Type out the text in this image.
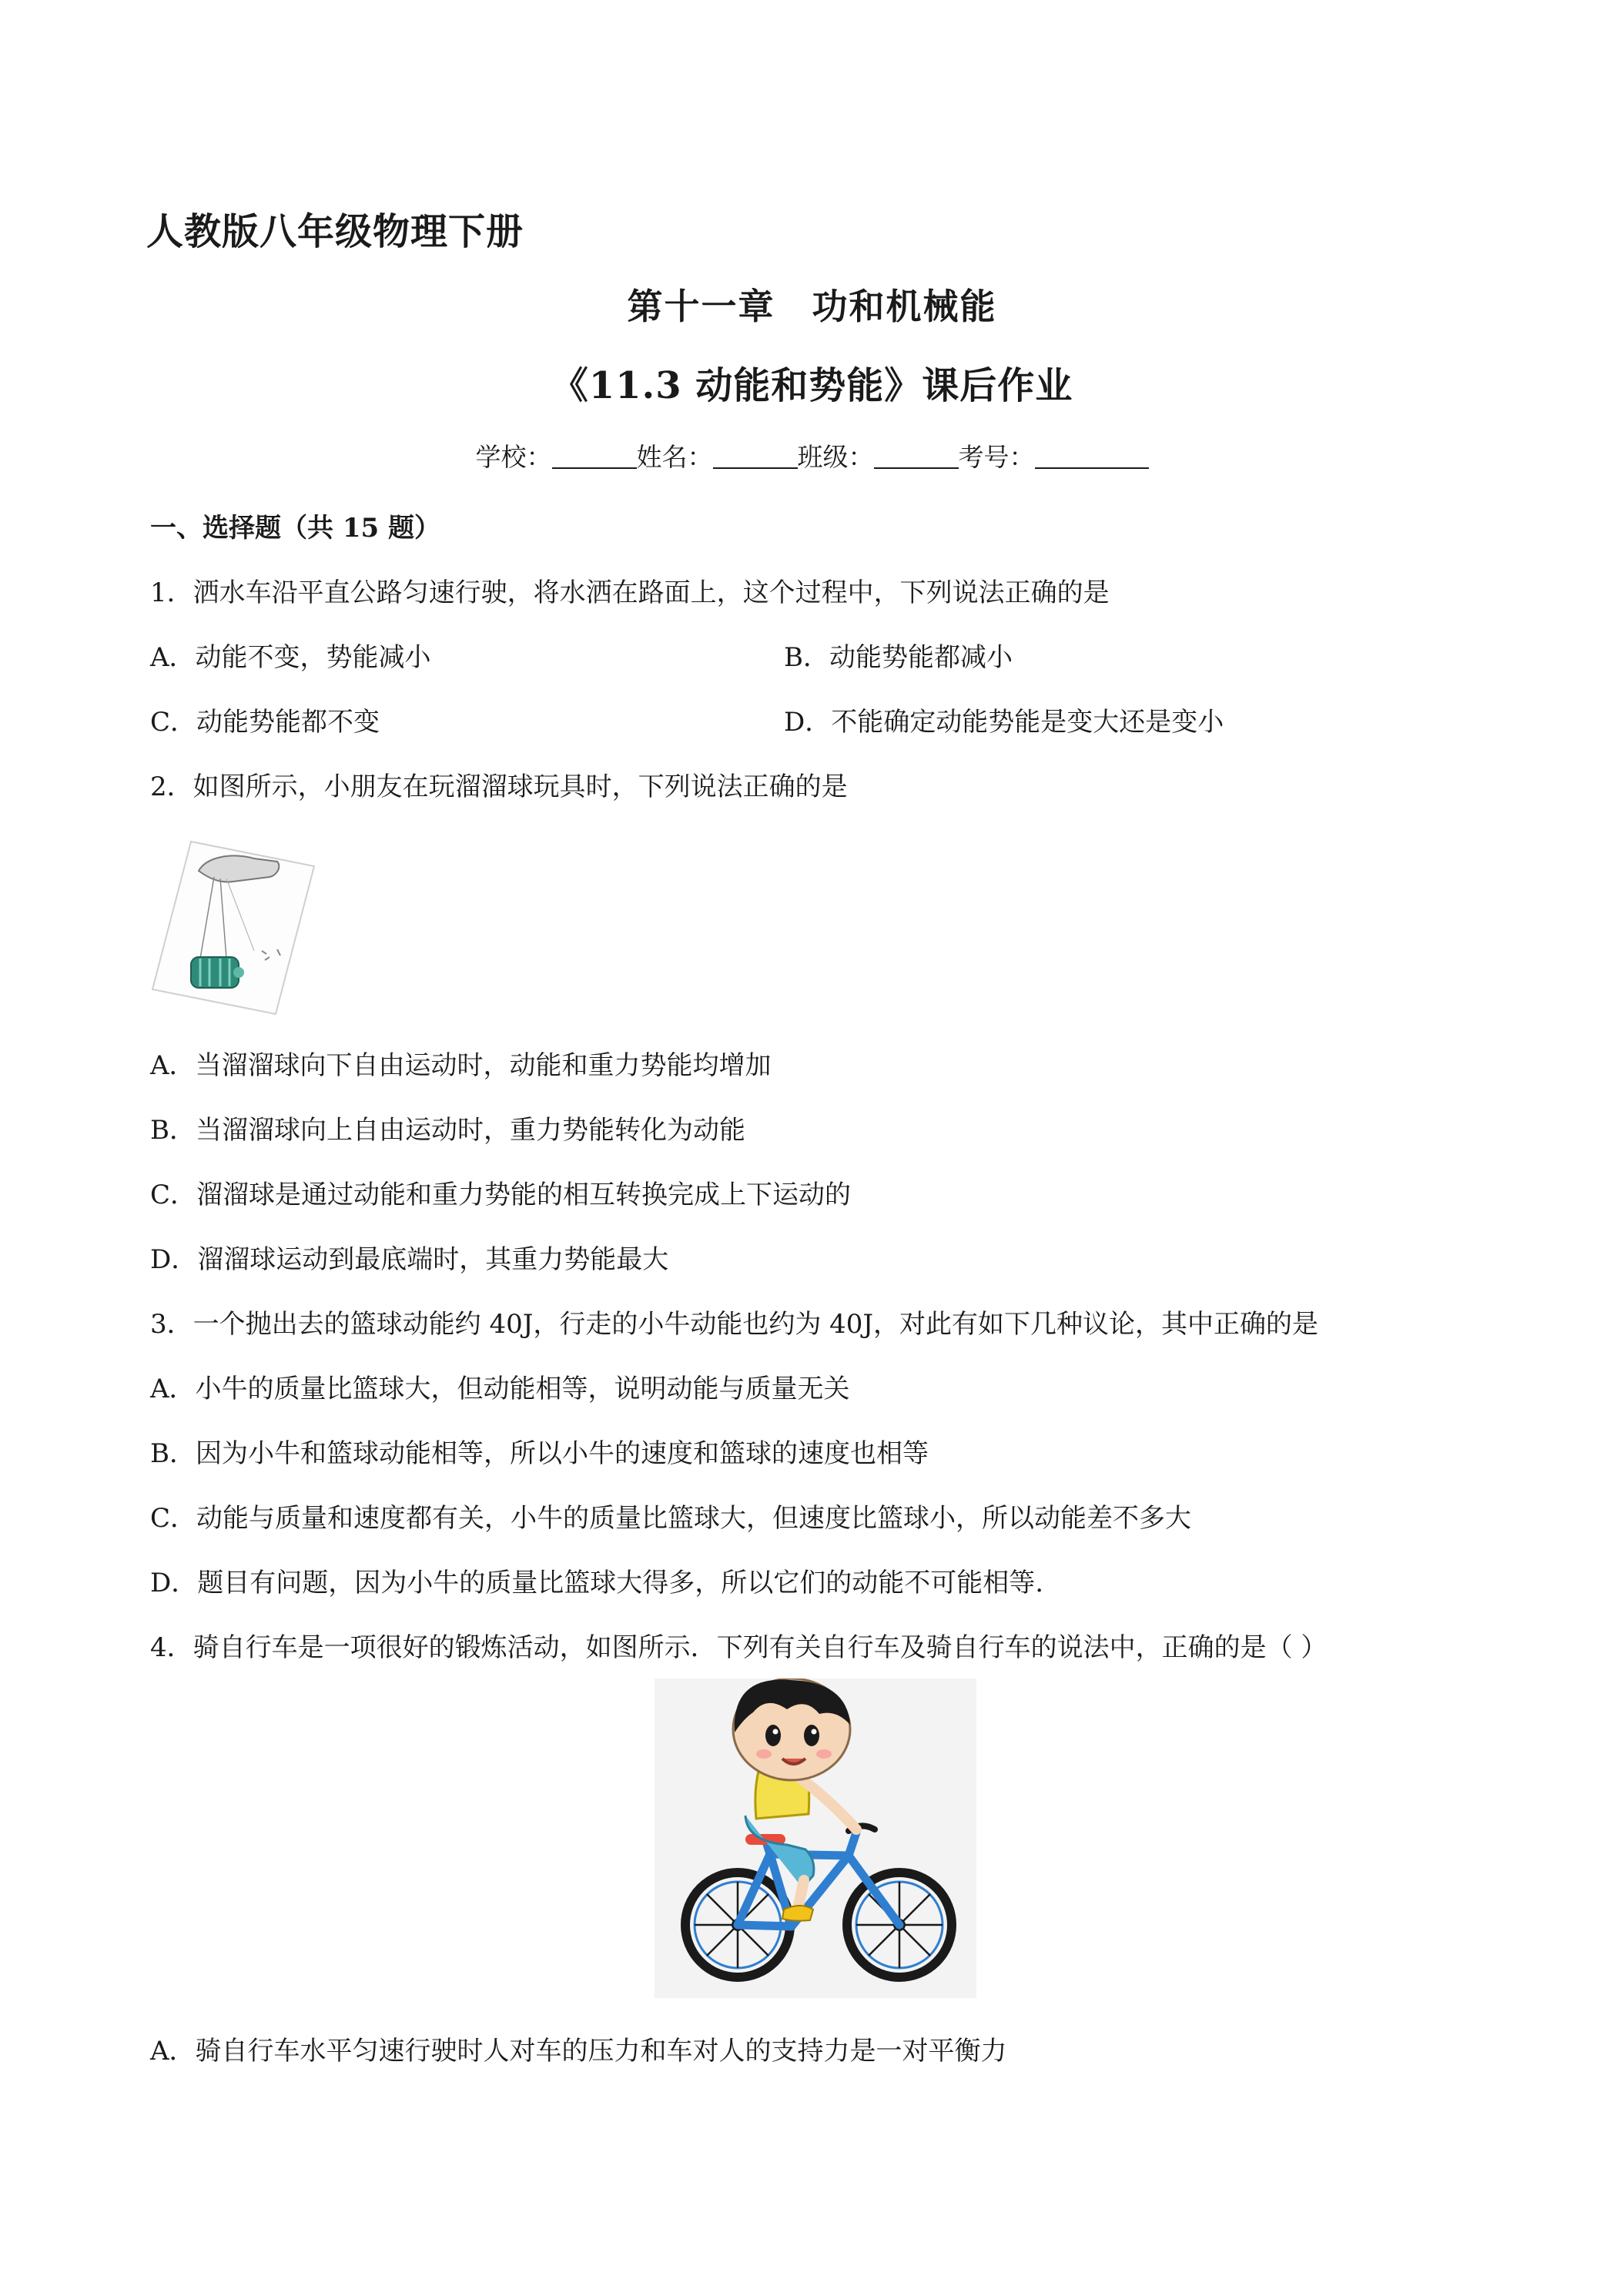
人教版八年级物理下册
第十一章　功和机械能
《11.3 动能和势能》课后作业
学校：	姓名：	班级：	考号：
一、选择题（共 15 题）
1．洒水车沿平直公路匀速行驶，将水洒在路面上，这个过程中，下列说法正确的是
A．动能不变，势能减小	B．动能势能都减小
C．动能势能都不变	D．不能确定动能势能是变大还是变小
2．如图所示，小朋友在玩溜溜球玩具时，下列说法正确的是
A．当溜溜球向下自由运动时，动能和重力势能均增加
B．当溜溜球向上自由运动时，重力势能转化为动能
C．溜溜球是通过动能和重力势能的相互转换完成上下运动的
D．溜溜球运动到最底端时，其重力势能最大
3．一个抛出去的篮球动能约 40J，行走的小牛动能也约为 40J，对此有如下几种议论，其中正确的是
A．小牛的质量比篮球大，但动能相等，说明动能与质量无关
B．因为小牛和篮球动能相等，所以小牛的速度和篮球的速度也相等
C．动能与质量和速度都有关，小牛的质量比篮球大，但速度比篮球小，所以动能差不多大
D．题目有问题，因为小牛的质量比篮球大得多，所以它们的动能不可能相等.
4．骑自行车是一项很好的锻炼活动，如图所示．下列有关自行车及骑自行车的说法中，正确的是（ ）
A．骑自行车水平匀速行驶时人对车的压力和车对人的支持力是一对平衡力
